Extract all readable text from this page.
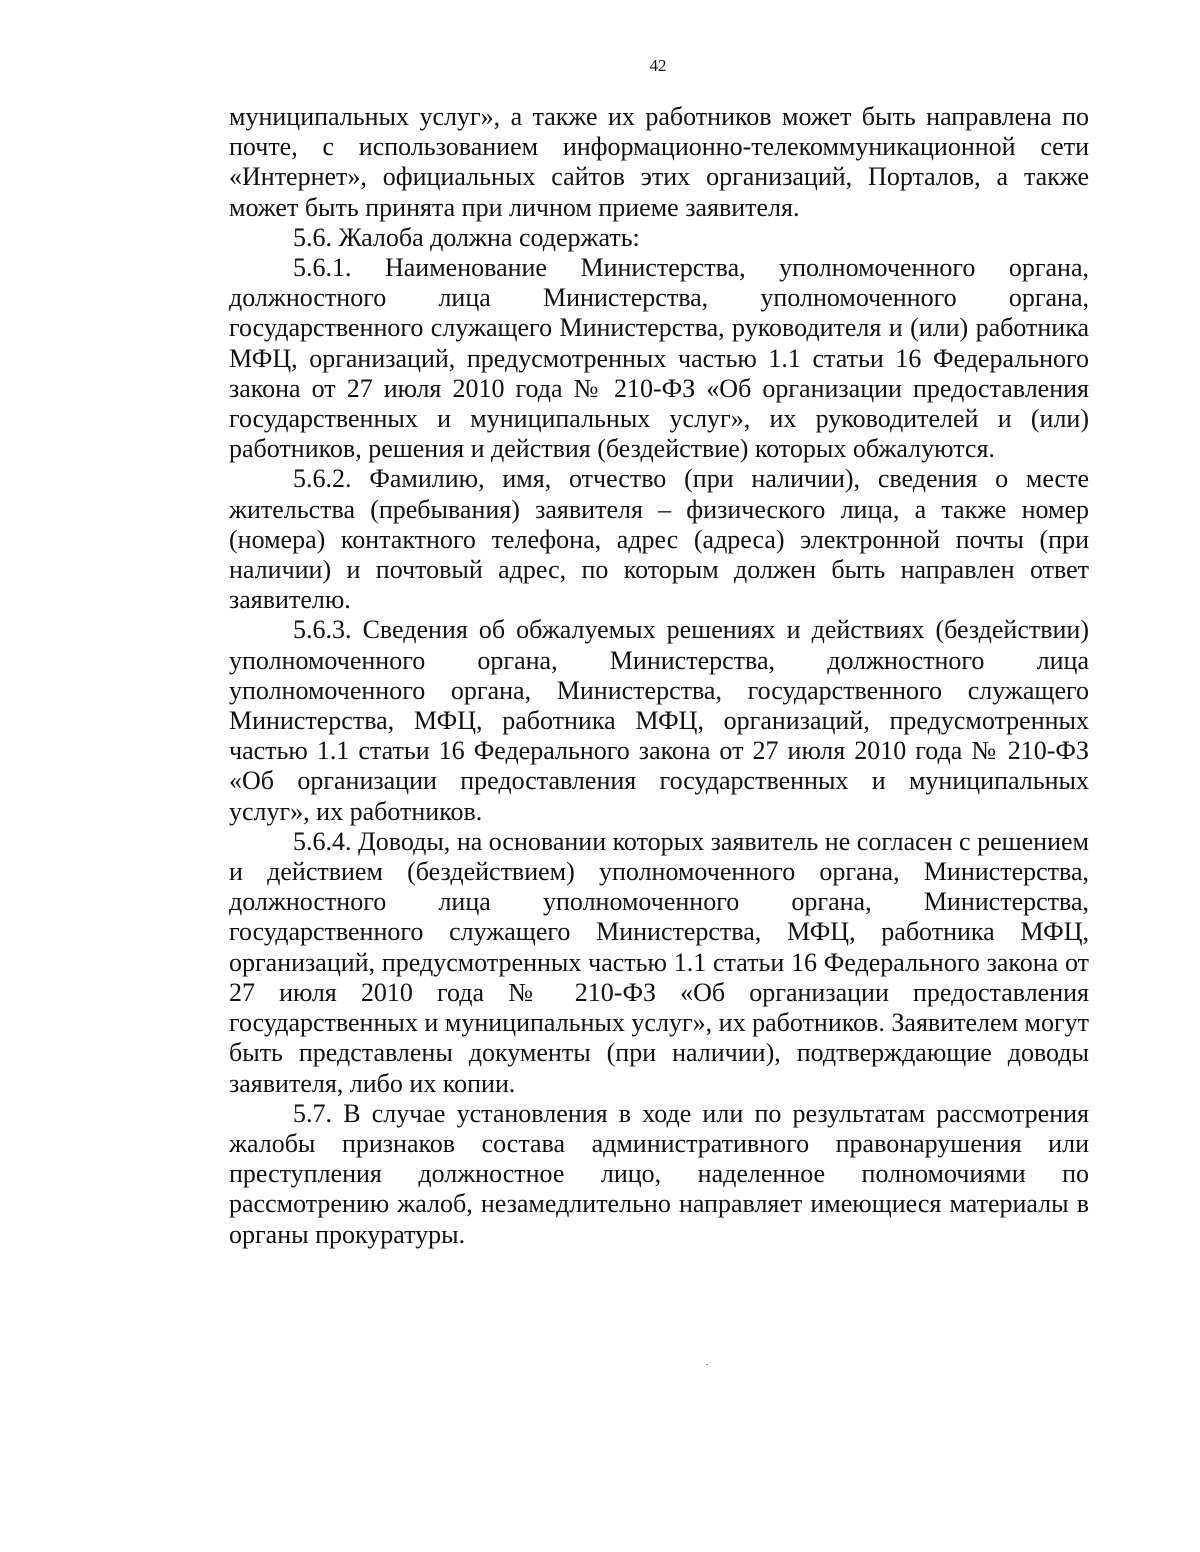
42

муниципальных услуг», а также их работников может быть направлена по почте, с использованием информационно-телекоммуникационной сети «Интернет», официальных сайтов этих организаций, Порталов, а также может быть принята при личном приеме заявителя.

5.6. Жалоба должна содержать:

5.6.1. Наименование Министерства, уполномоченного органа, должностного лица Министерства, уполномоченного органа, государственного служащего Министерства, руководителя и (или) работника МФЦ, организаций, предусмотренных частью 1.1 статьи 16 Федерального закона от 27 июля 2010 года № 210-ФЗ «Об организации предоставления государственных и муниципальных услуг», их руководителей и (или) работников, решения и действия (бездействие) которых обжалуются.

5.6.2. Фамилию, имя, отчество (при наличии), сведения о месте жительства (пребывания) заявителя – физического лица, а также номер (номера) контактного телефона, адрес (адреса) электронной почты (при наличии) и почтовый адрес, по которым должен быть направлен ответ заявителю.

5.6.3. Сведения об обжалуемых решениях и действиях (бездействии) уполномоченного органа, Министерства, должностного лица уполномоченного органа, Министерства, государственного служащего Министерства, МФЦ, работника МФЦ, организаций, предусмотренных частью 1.1 статьи 16 Федерального закона от 27 июля 2010 года № 210-ФЗ «Об организации предоставления государственных и муниципальных услуг», их работников.

5.6.4. Доводы, на основании которых заявитель не согласен с решением и действием (бездействием) уполномоченного органа, Министерства, должностного лица уполномоченного органа, Министерства, государственного служащего Министерства, МФЦ, работника МФЦ, организаций, предусмотренных частью 1.1 статьи 16 Федерального закона от 27 июля 2010 года № 210-ФЗ «Об организации предоставления государственных и муниципальных услуг», их работников. Заявителем могут быть представлены документы (при наличии), подтверждающие доводы заявителя, либо их копии.

5.7. В случае установления в ходе или по результатам рассмотрения жалобы признаков состава административного правонарушения или преступления должностное лицо, наделенное полномочиями по рассмотрению жалоб, незамедлительно направляет имеющиеся материалы в органы прокуратуры.
